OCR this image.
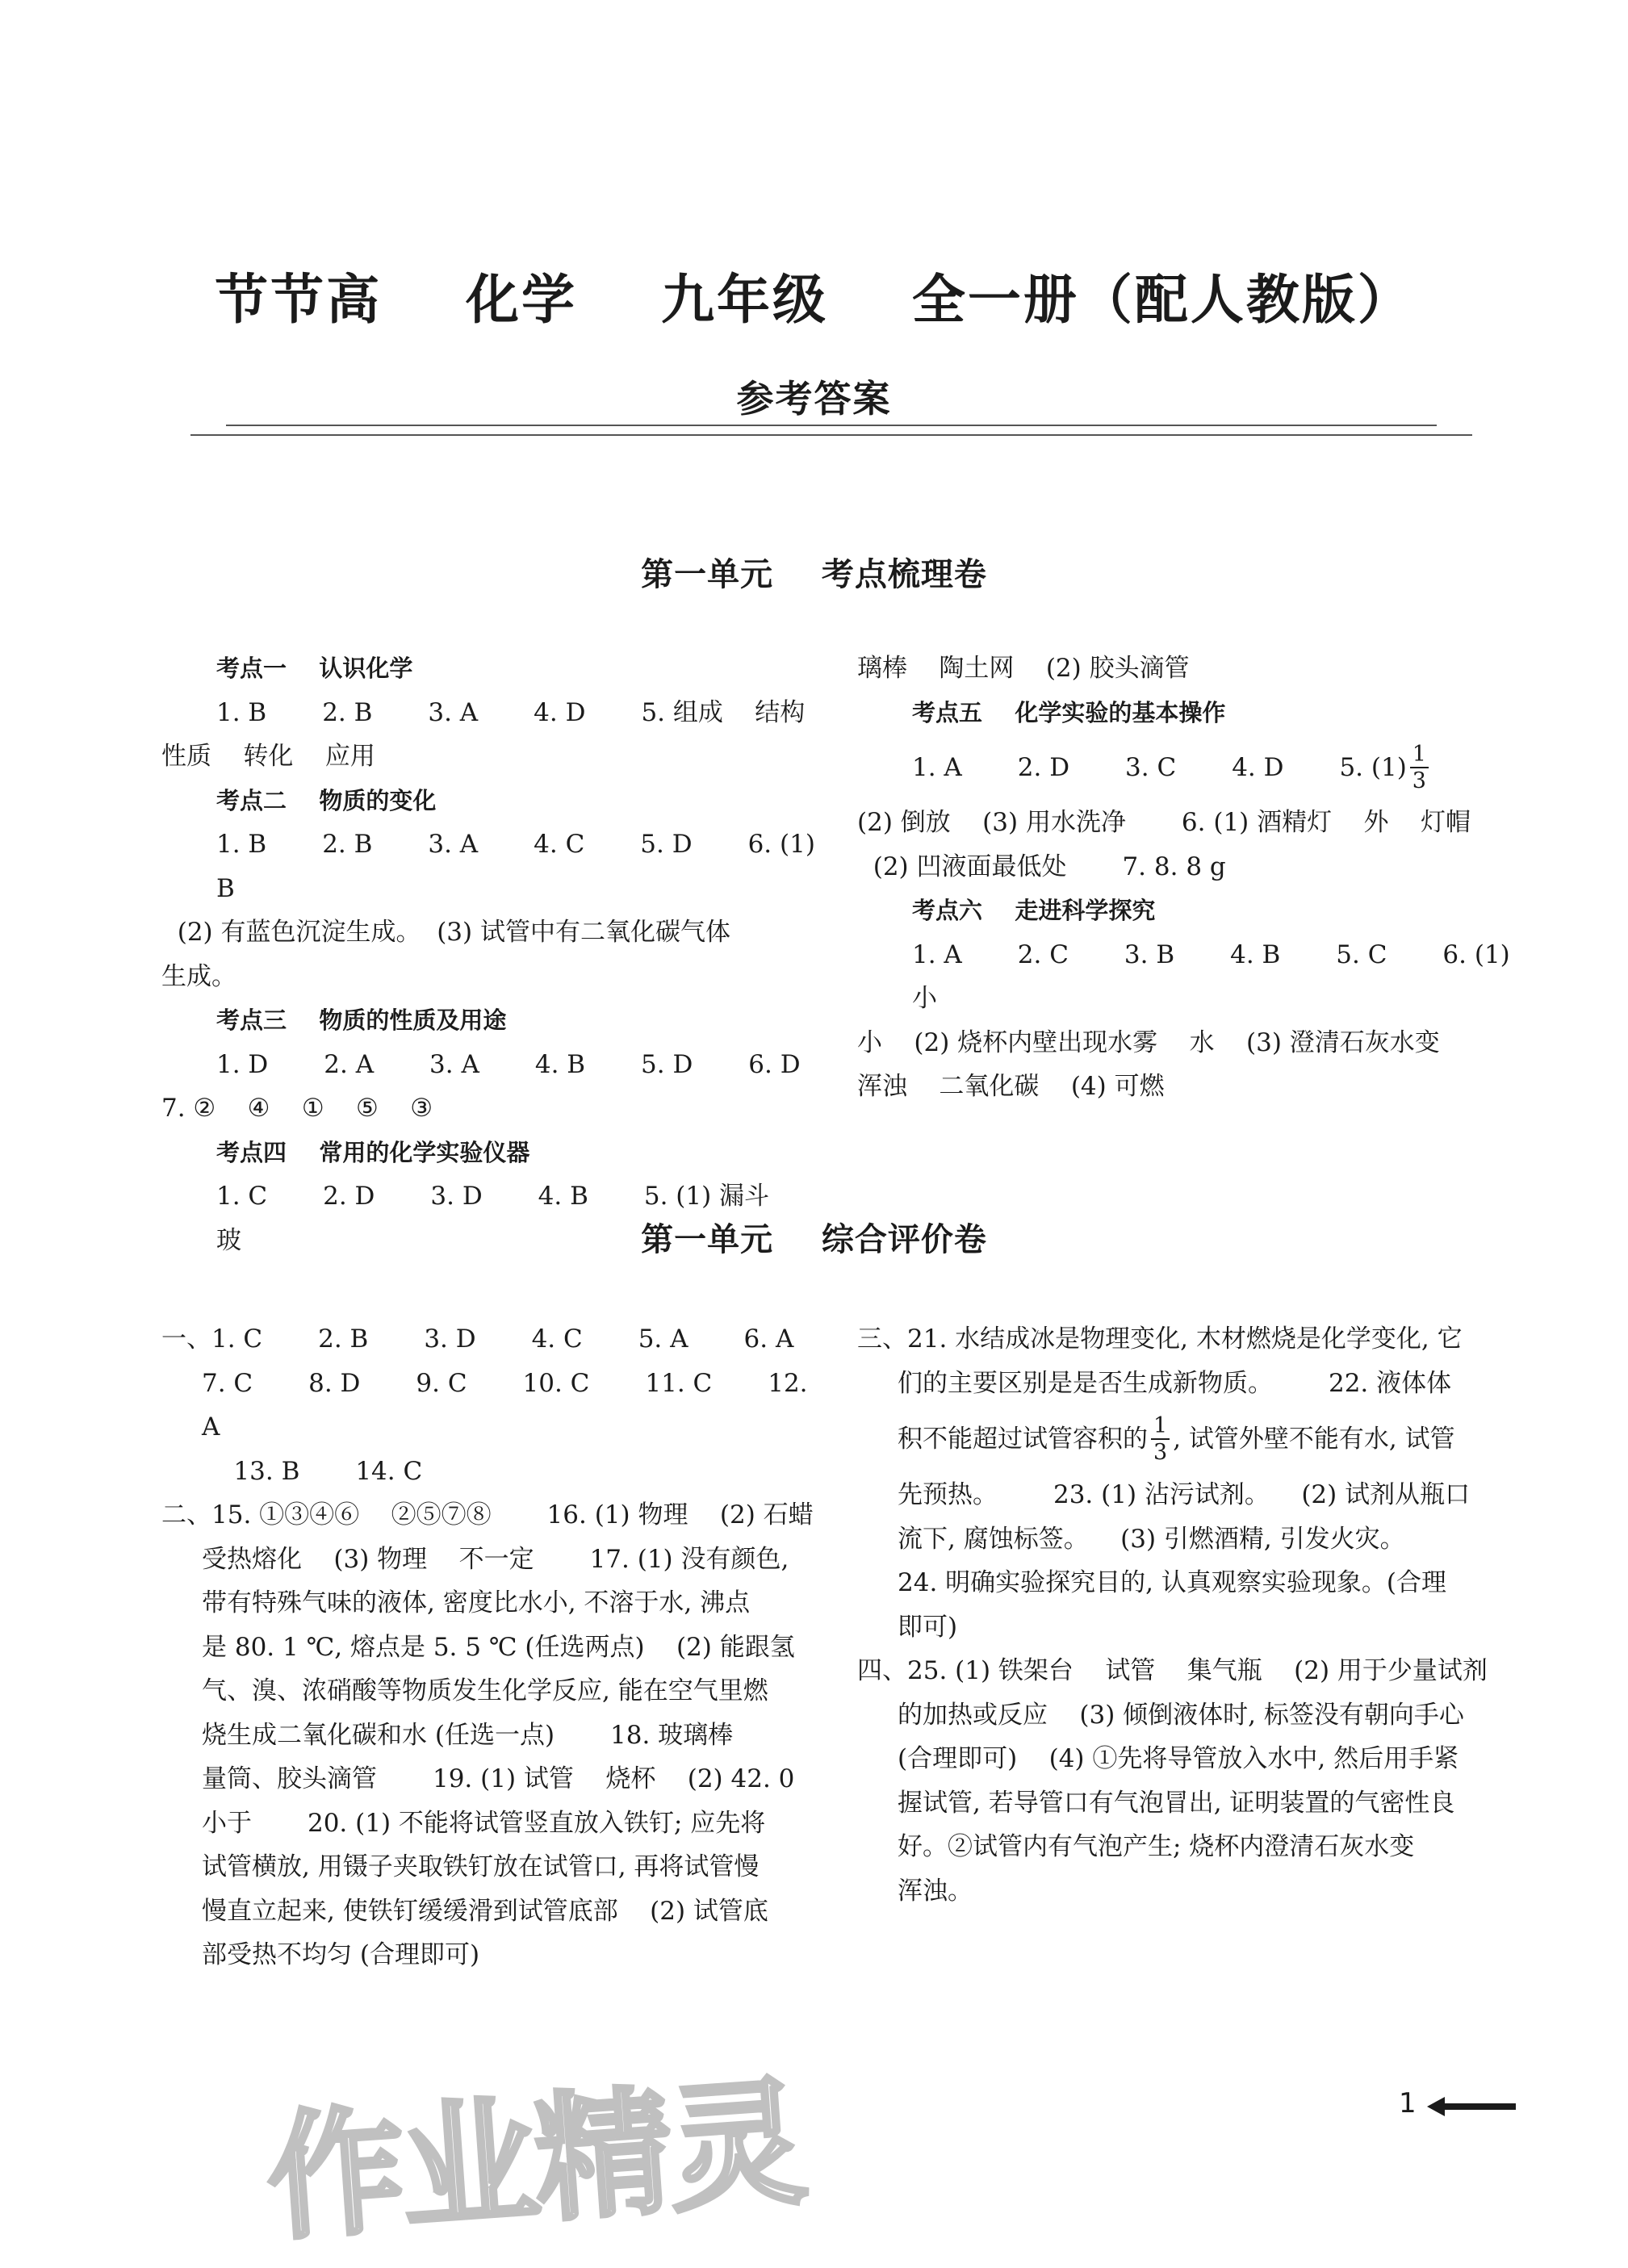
节节高    化学    九年级    全一册（配人教版）
参考答案
第一单元    考点梳理卷

考点一    认识化学

1. B       2. B       3. A       4. D       5. 组成    结构

性质    转化    应用

考点二    物质的变化

1. B       2. B       3. A       4. C       5. D       6. (1) B

(2) 有蓝色沉淀生成。  (3) 试管中有二氧化碳气体

生成。

考点三    物质的性质及用途

1. D       2. A       3. A       4. B       5. D       6. D

7. ②    ④    ①    ⑤    ③

考点四    常用的化学实验仪器

1. C       2. D       3. D       4. B       5. (1) 漏斗    玻

璃棒    陶土网    (2) 胶头滴管

考点五    化学实验的基本操作

1. A       2. D       3. C       4. D       5. $(1) \frac{1}{3}$

(2) 倒放    (3) 用水洗净       6. (1) 酒精灯    外    灯帽

(2) 凹液面最低处       7. 8. 8 g

考点六    走进科学探究

1. A       2. C       3. B       4. B       5. C       6. (1) 小

小    (2) 烧杯内壁出现水雾    水    (3) 澄清石灰水变

浑浊    二氧化碳    (4) 可燃

第一单元    综合评价卷

一、1. C       2. B       3. D       4. C       5. A       6. A

7. C       8. D       9. C       10. C       11. C       12. A

13. B       14. C

二、15. ①③④⑥    ②⑤⑦⑧       16. (1) 物理    (2) 石蜡

受热熔化    (3) 物理    不一定       17. (1) 没有颜色,

带有特殊气味的液体, 密度比水小, 不溶于水, 沸点

是 80. 1 ℃, 熔点是 5. 5 ℃ (任选两点)    (2) 能跟氢

气、溴、浓硝酸等物质发生化学反应, 能在空气里燃

烧生成二氧化碳和水 (任选一点)       18. 玻璃棒

量筒、胶头滴管       19. (1) 试管    烧杯    (2) 42. 0

小于       20. (1) 不能将试管竖直放入铁钉; 应先将

试管横放, 用镊子夹取铁钉放在试管口, 再将试管慢

慢直立起来, 使铁钉缓缓滑到试管底部    (2) 试管底

部受热不均匀 (合理即可)

三、21. 水结成冰是物理变化, 木材燃烧是化学变化, 它

们的主要区别是是否生成新物质。       22. 液体体

积不能超过试管容积的 $\frac{1}{3}$ , 试管外壁不能有水, 试管

先预热。       23. (1) 沾污试剂。    (2) 试剂从瓶口

流下, 腐蚀标签。    (3) 引燃酒精, 引发火灾。

24. 明确实验探究目的, 认真观察实验现象。(合理

即可)

四、25. (1) 铁架台    试管    集气瓶    (2) 用于少量试剂

的加热或反应    (3) 倾倒液体时, 标签没有朝向手心

(合理即可)    (4) ①先将导管放入水中, 然后用手紧

握试管, 若导管口有气泡冒出, 证明装置的气密性良

好。②试管内有气泡产生; 烧杯内澄清石灰水变

浑浊。

作业精灵	1
